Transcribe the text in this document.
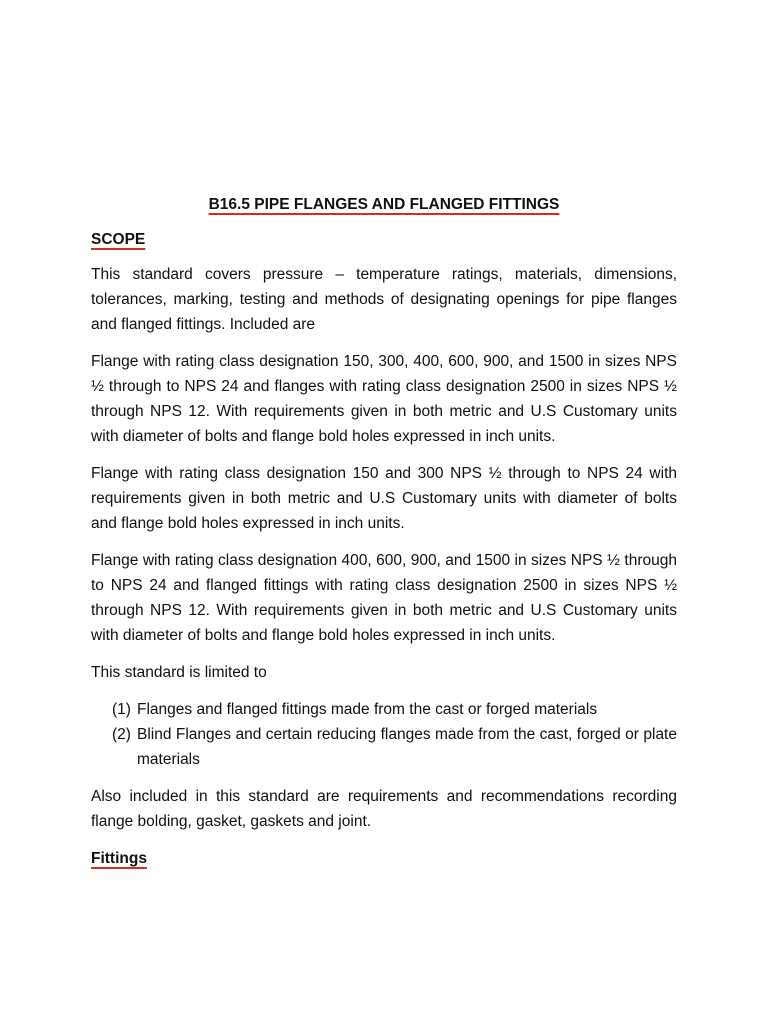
B16.5 PIPE FLANGES AND FLANGED FITTINGS

SCOPE

This standard covers pressure – temperature ratings, materials, dimensions, tolerances, marking, testing and methods of designating openings for pipe flanges and flanged fittings. Included are

Flange with rating class designation 150, 300, 400, 600, 900, and 1500 in sizes NPS ½ through to NPS 24 and flanges with rating class designation 2500 in sizes NPS ½ through NPS 12. With requirements given in both metric and U.S Customary units with diameter of bolts and flange bold holes expressed in inch units.

Flange with rating class designation 150 and 300 NPS ½ through to NPS 24 with requirements given in both metric and U.S Customary units with diameter of bolts and flange bold holes expressed in inch units.

Flange with rating class designation 400, 600, 900, and 1500 in sizes NPS ½ through to NPS 24 and flanged fittings with rating class designation 2500 in sizes NPS ½ through NPS 12. With requirements given in both metric and U.S Customary units with diameter of bolts and flange bold holes expressed in inch units.

This standard is limited to

(1) Flanges and flanged fittings made from the cast or forged materials
(2) Blind Flanges and certain reducing flanges made from the cast, forged or plate materials

Also included in this standard are requirements and recommendations recording flange bolding, gasket, gaskets and joint.

Fittings
